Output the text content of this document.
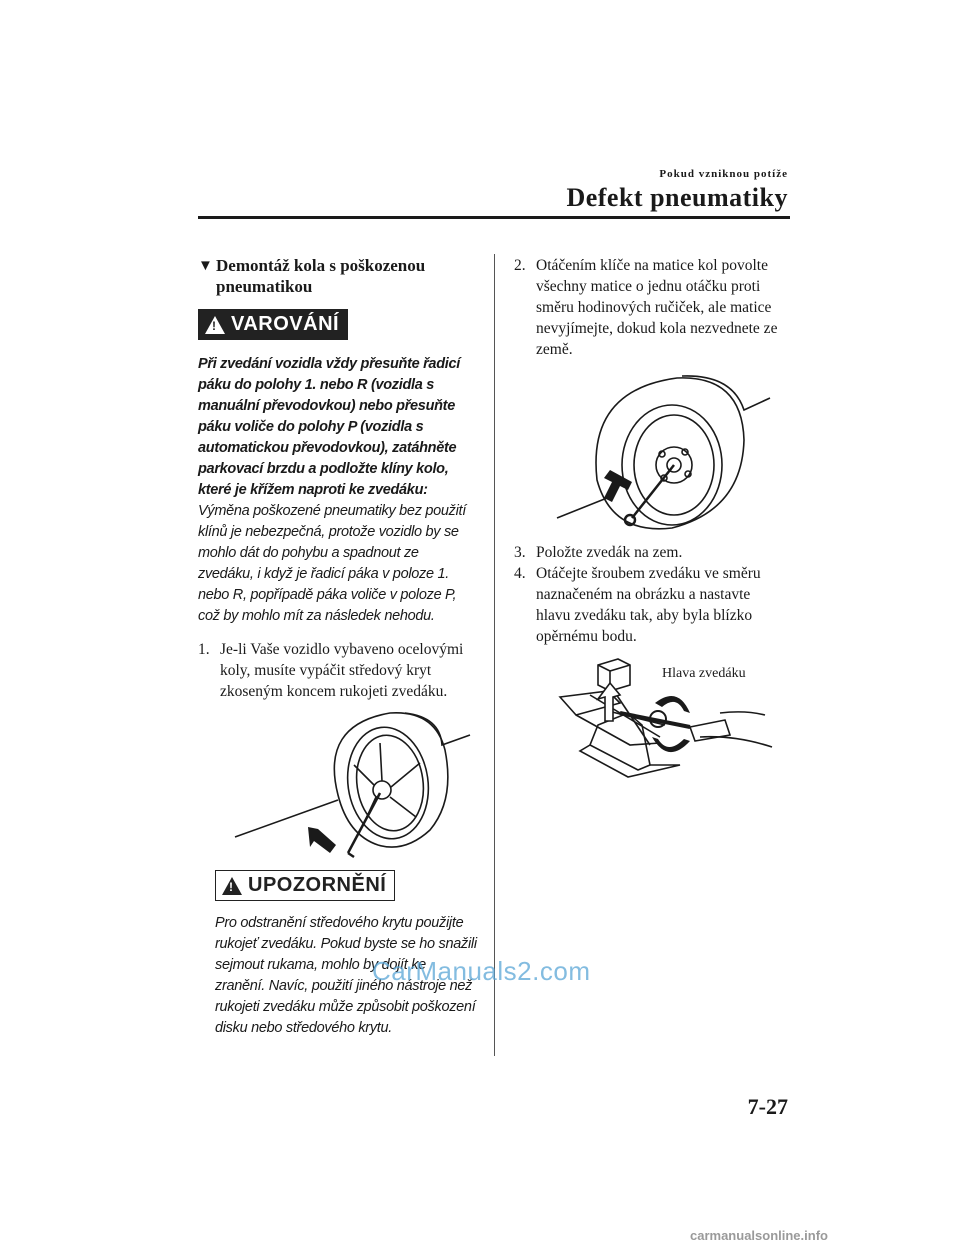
Pokud vzniknou potíže
Defekt pneumatiky
▼ Demontáž kola s poškozenou pneumatikou
! VAROVÁNÍ
Při zvedání vozidla vždy přesuňte řadicí páku do polohy 1. nebo R (vozidla s manuální převodovkou) nebo přesuňte páku voliče do polohy P (vozidla s automatickou převodovkou), zatáhněte parkovací brzdu a podložte klíny kolo, které je křížem naproti ke zvedáku:
Výměna poškozené pneumatiky bez použití klínů je nebezpečná, protože vozidlo by se mohlo dát do pohybu a spadnout ze zvedáku, i když je řadicí páka v poloze 1. nebo R, popřípadě páka voliče v poloze P, což by mohlo mít za následek nehodu.
1. Je-li Vaše vozidlo vybaveno ocelovými koly, musíte vypáčit středový kryt zkoseným koncem rukojeti zvedáku.
! UPOZORNĚNÍ
Pro odstranění středového krytu použijte rukojeť zvedáku. Pokud byste se ho snažili sejmout rukama, mohlo by dojít ke zranění. Navíc, použití jiného nástroje než rukojeti zvedáku může způsobit poškození disku nebo středového krytu.
2. Otáčením klíče na matice kol povolte všechny matice o jednu otáčku proti směru hodinových ručiček, ale matice nevyjímejte, dokud kola nezvednete ze země.
3. Položte zvedák na zem.
4. Otáčejte šroubem zvedáku ve směru naznačeném na obrázku a nastavte hlavu zvedáku tak, aby byla blízko opěrnému bodu.
Hlava zvedáku
7-27
CarManuals2.com
carmanualsonline.info
